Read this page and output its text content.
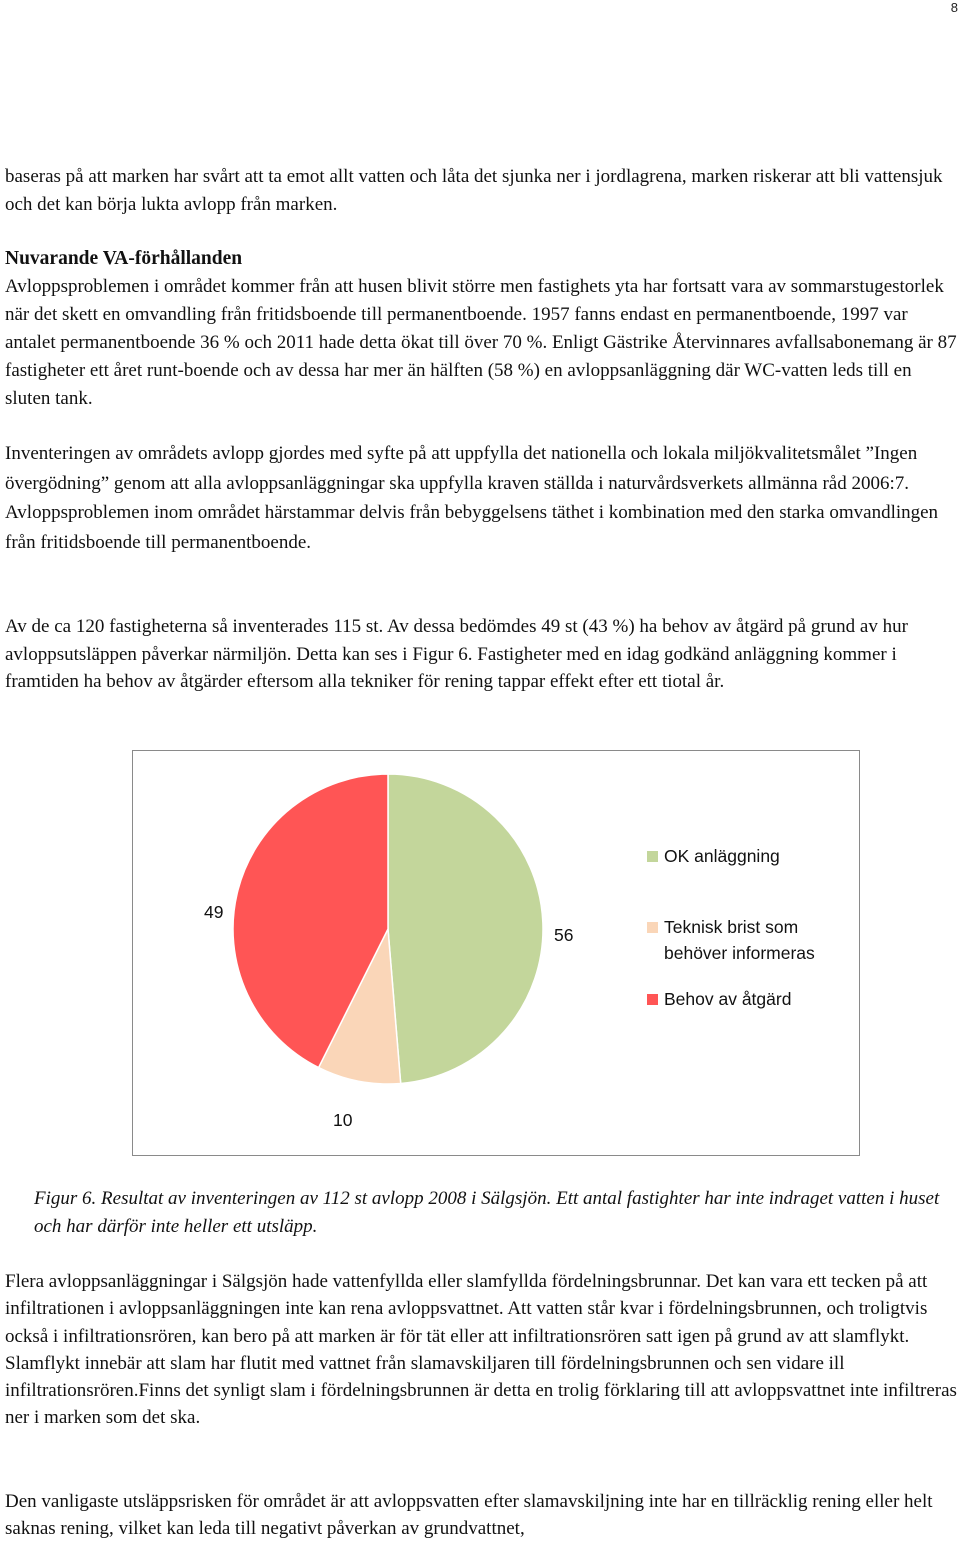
8
baseras på att marken har svårt att ta emot allt vatten och låta det sjunka ner i jordlagrena, marken riskerar att bli vattensjuk och det kan börja lukta avlopp från marken.
Nuvarande VA-förhållanden
Avloppsproblemen i området kommer från att husen blivit större men fastighets yta har fortsatt vara av sommarstugestorlek när det skett en omvandling från fritidsboende till permanentboende. 1957 fanns endast en permanentboende, 1997 var antalet permanentboende 36 % och 2011 hade detta ökat till över 70 %. Enligt Gästrike Återvinnares avfallsabonemang är 87 fastigheter ett året runt-boende och av dessa har mer än hälften (58 %) en avloppsanläggning där WC-vatten leds till en sluten tank.
Inventeringen av områdets avlopp gjordes med syfte på att uppfylla det nationella och lokala miljökvalitetsmålet ”Ingen övergödning” genom att alla avloppsanläggningar ska uppfylla kraven ställda i naturvårdsverkets allmänna råd 2006:7. Avloppsproblemen inom området härstammar delvis från bebyggelsens täthet i kombination med den starka omvandlingen från fritidsboende till permanentboende.
Av de ca 120 fastigheterna så inventerades 115 st. Av dessa bedömdes 49 st (43 %) ha behov av åtgärd på grund av hur avloppsutsläppen påverkar närmiljön. Detta kan ses i Figur 6. Fastigheter med en idag godkänd anläggning kommer i framtiden ha behov av åtgärder eftersom alla tekniker för rening tappar effekt efter ett tiotal år.
49
56
10
OK anläggning
Teknisk brist som behöver informeras
Behov av åtgärd
Figur 6. Resultat av inventeringen av 112 st avlopp 2008 i Sälgsjön. Ett antal fastighter har inte indraget vatten i huset och har därför inte heller ett utsläpp.
Flera avloppsanläggningar i Sälgsjön hade vattenfyllda eller slamfyllda fördelningsbrunnar. Det kan vara ett tecken på att infiltrationen i avloppsanläggningen inte kan rena avloppsvattnet. Att vatten står kvar i fördelningsbrunnen, och troligtvis också i infiltrationsrören, kan bero på att marken är för tät eller att infiltrationsrören satt igen på grund av att slamflykt. Slamflykt innebär att slam har flutit med vattnet från slamavskiljaren till fördelningsbrunnen och sen vidare ill infiltrationsrören.Finns det synligt slam i fördelningsbrunnen är detta en trolig förklaring till att avloppsvattnet inte infiltreras ner i marken som det ska.
Den vanligaste utsläppsrisken för området är att avloppsvatten efter slamavskiljning inte har en tillräcklig rening eller helt saknas rening, vilket kan leda till negativt påverkan av grundvattnet,
